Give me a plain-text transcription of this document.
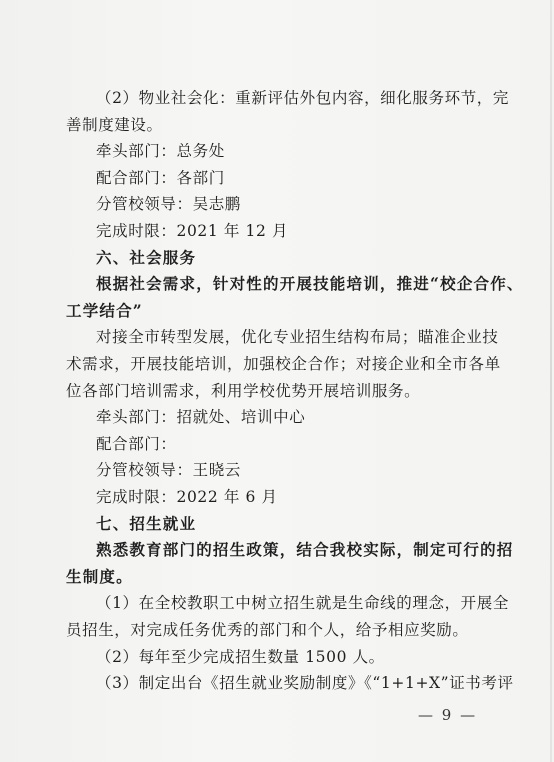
（2）物业社会化：重新评估外包内容，细化服务环节，完
善制度建设。
牵头部门：总务处
配合部门：各部门
分管校领导：吴志鹏
完成时限：2021 年 12 月
六、社会服务
根据社会需求，针对性的开展技能培训，推进“校企合作、
工学结合”
对接全市转型发展，优化专业招生结构布局；瞄准企业技
术需求，开展技能培训，加强校企合作；对接企业和全市各单
位各部门培训需求，利用学校优势开展培训服务。
牵头部门：招就处、培训中心
配合部门：
分管校领导：王晓云
完成时限：2022 年 6 月
七、招生就业
熟悉教育部门的招生政策，结合我校实际，制定可行的招
生制度。
（1）在全校教职工中树立招生就是生命线的理念，开展全
员招生，对完成任务优秀的部门和个人，给予相应奖励。
（2）每年至少完成招生数量 1500 人。
（3）制定出台《招生就业奖励制度》《“1+1+X”证书考评
— 9 —
